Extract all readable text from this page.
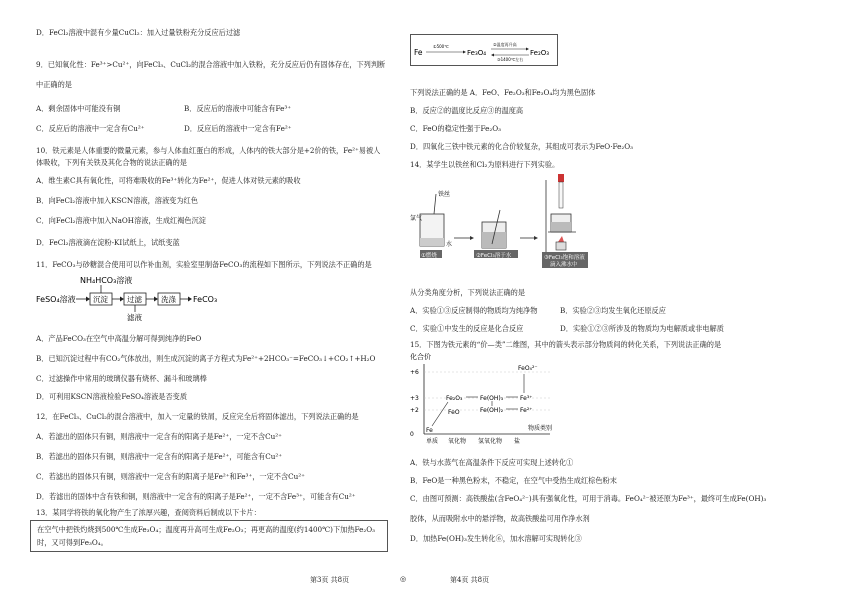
D．FeCl₂溶液中混有少量CuCl₂：加入过量铁粉充分反应后过滤
9．已知氧化性：Fe³⁺>Cu²⁺，向FeCl₃、CuCl₂的混合溶液中加入铁粉，充分反应后仍有固体存在，下列判断
中正确的是
A．剩余固体中可能没有铜	B．反应后的溶液中可能含有Fe³⁺
C．反应后的溶液中一定含有Cu²⁺	D．反应后的溶液中一定含有Fe²⁺
10．铁元素是人体重要的微量元素，参与人体血红蛋白的形成，人体内的铁大部分是+2价的铁，Fe²⁺易被人
体吸收，下列有关铁及其化合物的说法正确的是
A．维生素C具有氧化性，可将难吸收的Fe³⁺转化为Fe²⁺，促进人体对铁元素的吸收
B．向FeCl₂溶液中加入KSCN溶液，溶液变为红色
C．向FeCl₂溶液中加入NaOH溶液，生成红褐色沉淀
D．FeCl₂溶液滴在淀粉-KI试纸上，试纸变蓝
11．FeCO₃与砂糖混合使用可以作补血剂，实验室里制备FeCO₃的流程如下图所示，下列说法不正确的是
NH₄HCO₃溶液
FeSO₄溶液 沉淀	过滤	洗涤 FeCO₃
滤液
A．产品FeCO₃在空气中高温分解可得到纯净的FeO
B．已知沉淀过程中有CO₂气体放出，则生成沉淀的离子方程式为Fe²⁺+2HCO₃⁻=FeCO₃↓+CO₂↑+H₂O
C．过滤操作中常用的玻璃仪器有烧杯、漏斗和玻璃棒
D．可利用KSCN溶液检验FeSO₄溶液是否变质
12．在FeCl₃、CuCl₂的混合溶液中，加入一定量的铁屑，反应完全后将固体滤出，下列说法正确的是
A．若滤出的固体只有铜，则溶液中一定含有的阳离子是Fe²⁺，一定不含Cu²⁺
B．若滤出的固体只有铜，则溶液中一定含有的阳离子是Fe²⁺，可能含有Cu²⁺
C．若滤出的固体只有铜，则溶液中一定含有的阳离子是Fe²⁺和Fe³⁺，一定不含Cu²⁺
D．若滤出的固体中含有铁和铜，则溶液中一定含有的阳离子是Fe²⁺，一定不含Fe³⁺，可能含有Cu²⁺
13．某同学将铁的氧化物产生了浓厚兴趣，查阅资料后制成以下卡片：
在空气中把铁灼烧到500℃生成Fe₃O₄；温度再升高可生成Fe₂O₃；再更高的温度(约1400℃)下加热Fe₂O₃
时，又可得到Fe₃O₄。
Fe
①500℃
Fe₃O₄
②温度再升高
③1400℃左右
Fe₂O₃
下列说法正确的是 A．FeO、Fe₂O₃和Fe₃O₄均为黑色固体
B．反应②的温度比反应③的温度高
C．FeO的稳定性强于Fe₂O₃
D．四氧化三铁中铁元素的化合价较复杂，其组成可表示为FeO·Fe₂O₃
14．某学生以铁丝和Cl₂为原料进行下列实验。
铁丝
氯气
水
①燃烧	②FeCl₃溶于水	③FeCl₃饱和溶液
滴入沸水中
从分类角度分析，下列说法正确的是
A．实验①③反应制得的物质均为纯净物	B．实验②③均发生氧化还原反应
C．实验①中发生的反应是化合反应	D．实验①②③所涉及的物质均为电解质或非电解质
15．下图为铁元素的“价—类”二维图，其中的箭头表示部分物质间的转化关系，下列说法正确的是
化合价
+6
+3
+2
0
Fe
Fe₂O₃
FeO
Fe(OH)₃
Fe(OH)₂
Fe³⁺
Fe²⁺
FeO₄²⁻
单质 氧化物 氢氧化物 盐
物质类别
A．铁与水蒸气在高温条件下反应可实现上述转化①
B．FeO是一种黑色粉末，不稳定，在空气中受热生成红棕色粉末
C．由图可预测：高铁酸盐(含FeO₄²⁻)具有强氧化性，可用于消毒。FeO₄²⁻被还原为Fe³⁺，最终可生成Fe(OH)₃
胶体，从而吸附水中的悬浮物，故高铁酸盐可用作净水剂
D．加热Fe(OH)₃发生转化⑥，加水溶解可实现转化③
第3页 共8页	◎	第4页 共8页
